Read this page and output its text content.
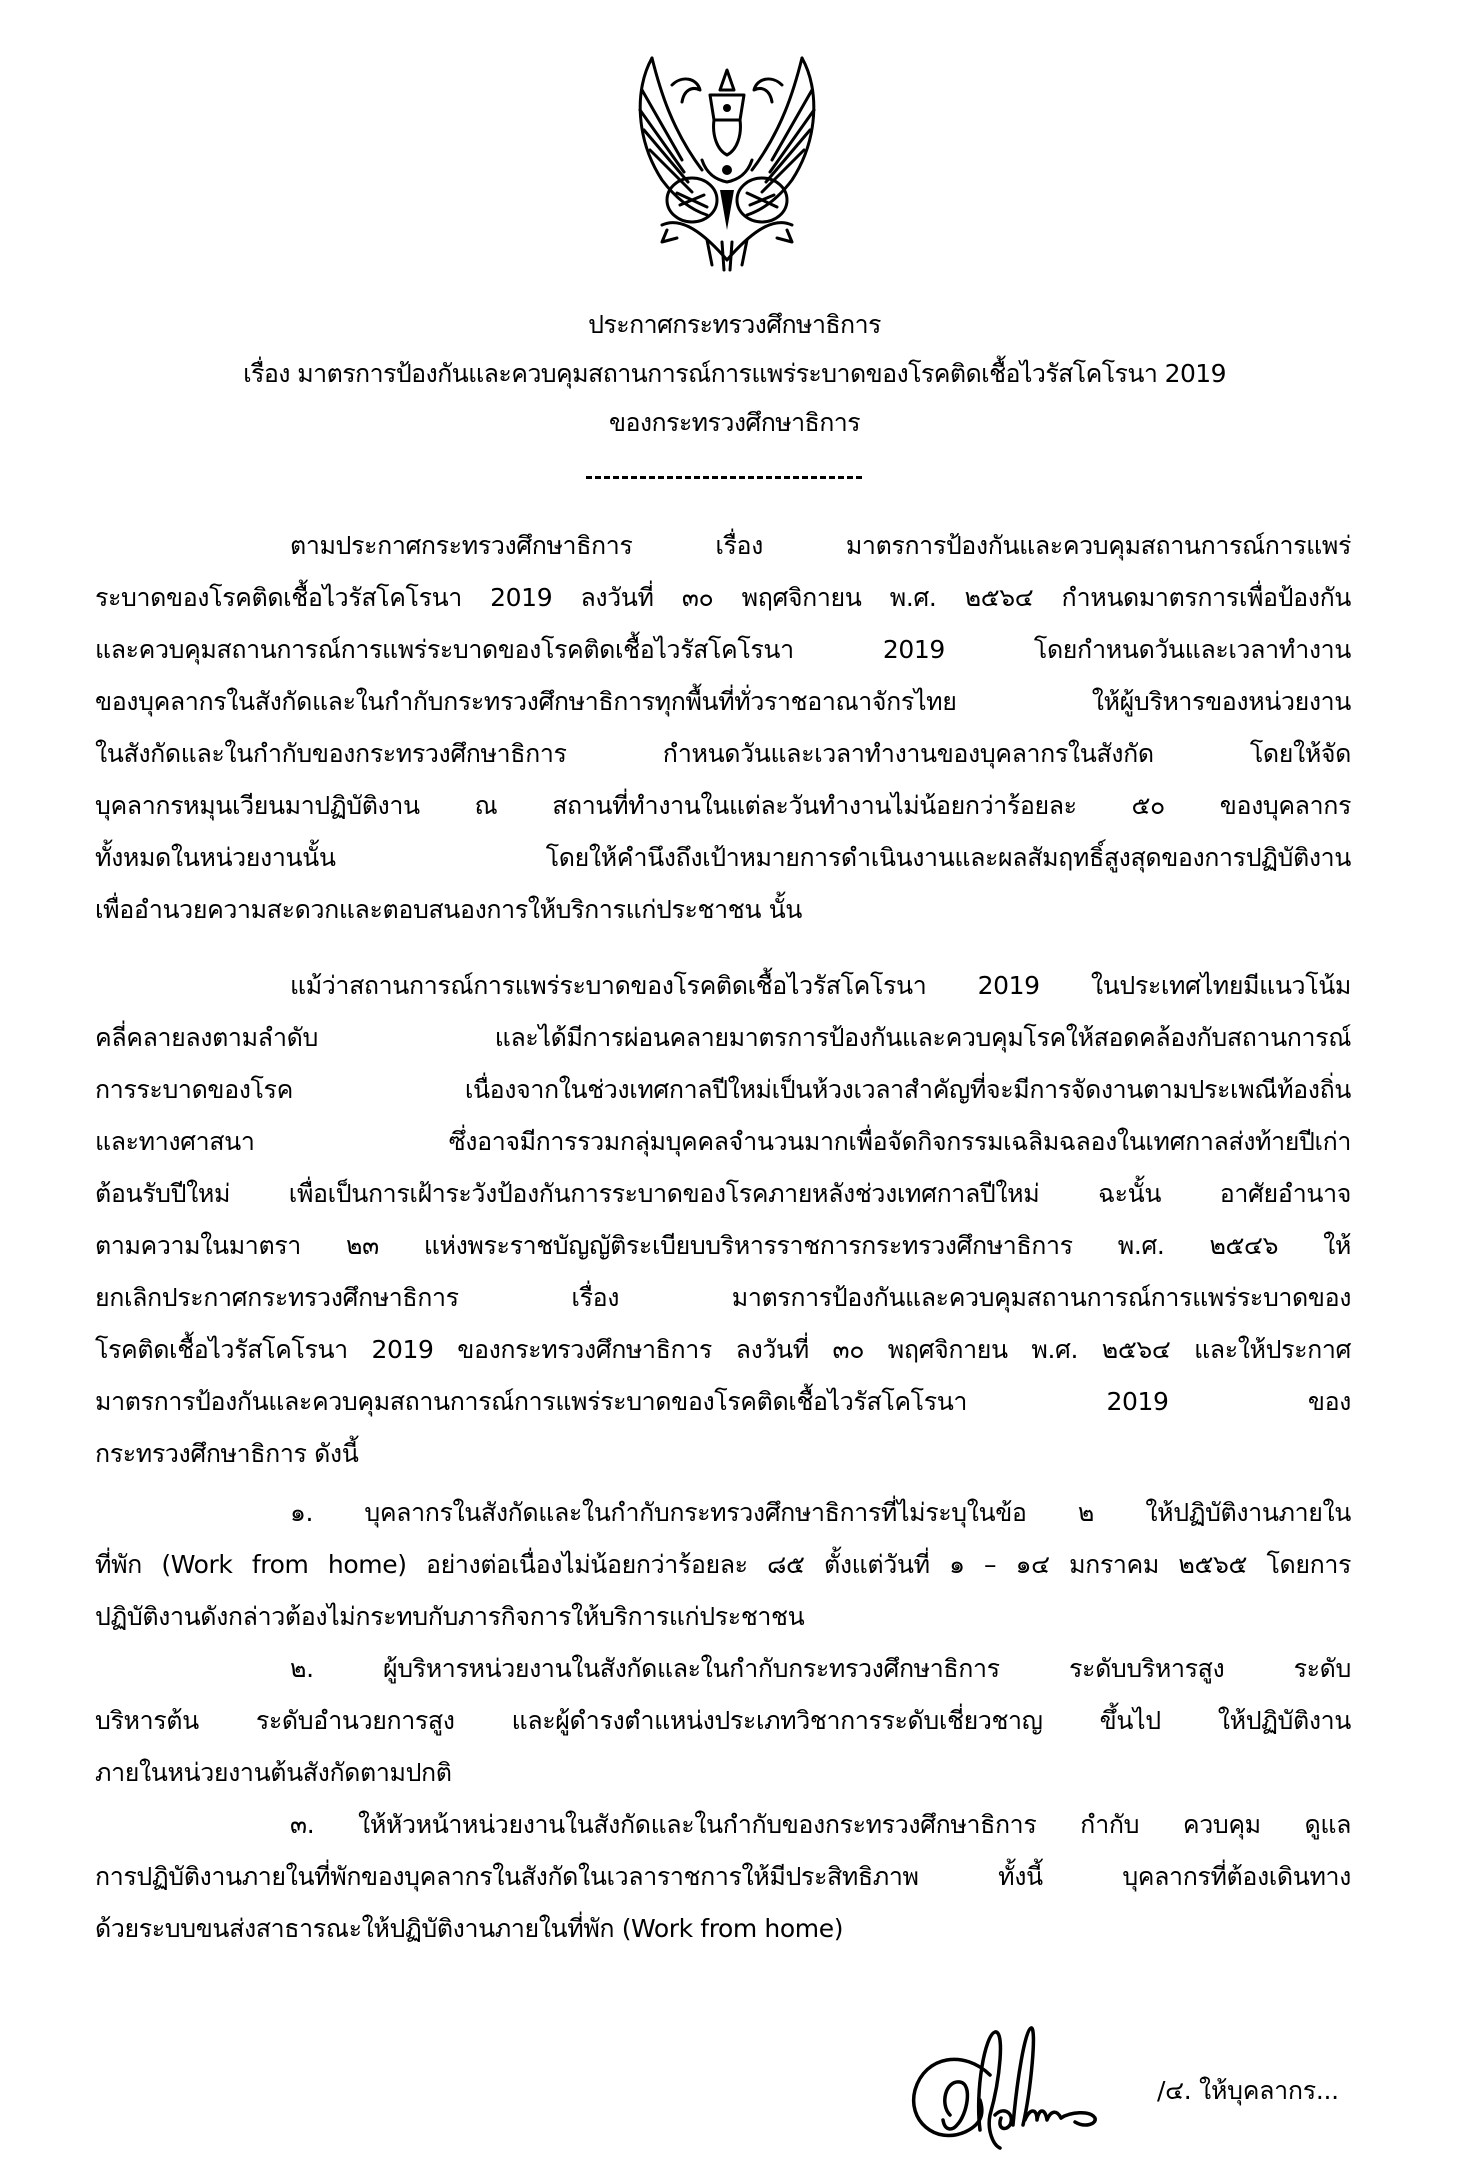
ประกาศกระทรวงศึกษาธิการ
เรื่อง มาตรการป้องกันและควบคุมสถานการณ์การแพร่ระบาดของโรคติดเชื้อไวรัสโคโรนา 2019
ของกระทรวงศึกษาธิการ
ตามประกาศกระทรวงศึกษาธิการ เรื่อง มาตรการป้องกันและควบคุมสถานการณ์การแพร่
ระบาดของโรคติดเชื้อไวรัสโคโรนา 2019 ลงวันที่ ๓๐ พฤศจิกายน พ.ศ. ๒๕๖๔ กำหนดมาตรการเพื่อป้องกัน
และควบคุมสถานการณ์การแพร่ระบาดของโรคติดเชื้อไวรัสโคโรนา 2019 โดยกำหนดวันและเวลาทำงาน
ของบุคลากรในสังกัดและในกำกับกระทรวงศึกษาธิการทุกพื้นที่ทั่วราชอาณาจักรไทย ให้ผู้บริหารของหน่วยงาน
ในสังกัดและในกำกับของกระทรวงศึกษาธิการ กำหนดวันและเวลาทำงานของบุคลากรในสังกัด โดยให้จัด
บุคลากรหมุนเวียนมาปฏิบัติงาน ณ สถานที่ทำงานในแต่ละวันทำงานไม่น้อยกว่าร้อยละ ๕๐ ของบุคลากร
ทั้งหมดในหน่วยงานนั้น โดยให้คำนึงถึงเป้าหมายการดำเนินงานและผลสัมฤทธิ์สูงสุดของการปฏิบัติงาน
เพื่ออำนวยความสะดวกและตอบสนองการให้บริการแก่ประชาชน นั้น
แม้ว่าสถานการณ์การแพร่ระบาดของโรคติดเชื้อไวรัสโคโรนา 2019 ในประเทศไทยมีแนวโน้ม
คลี่คลายลงตามลำดับ และได้มีการผ่อนคลายมาตรการป้องกันและควบคุมโรคให้สอดคล้องกับสถานการณ์
การระบาดของโรค เนื่องจากในช่วงเทศกาลปีใหม่เป็นห้วงเวลาสำคัญที่จะมีการจัดงานตามประเพณีท้องถิ่น
และทางศาสนา ซึ่งอาจมีการรวมกลุ่มบุคคลจำนวนมากเพื่อจัดกิจกรรมเฉลิมฉลองในเทศกาลส่งท้ายปีเก่า
ต้อนรับปีใหม่ เพื่อเป็นการเฝ้าระวังป้องกันการระบาดของโรคภายหลังช่วงเทศกาลปีใหม่ ฉะนั้น อาศัยอำนาจ
ตามความในมาตรา ๒๓ แห่งพระราชบัญญัติระเบียบบริหารราชการกระทรวงศึกษาธิการ พ.ศ. ๒๕๔๖ ให้
ยกเลิกประกาศกระทรวงศึกษาธิการ เรื่อง มาตรการป้องกันและควบคุมสถานการณ์การแพร่ระบาดของ
โรคติดเชื้อไวรัสโคโรนา 2019 ของกระทรวงศึกษาธิการ ลงวันที่ ๓๐ พฤศจิกายน พ.ศ. ๒๕๖๔ และให้ประกาศ
มาตรการป้องกันและควบคุมสถานการณ์การแพร่ระบาดของโรคติดเชื้อไวรัสโคโรนา 2019 ของ
กระทรวงศึกษาธิการ ดังนี้
๑. บุคลากรในสังกัดและในกำกับกระทรวงศึกษาธิการที่ไม่ระบุในข้อ ๒ ให้ปฏิบัติงานภายใน
ที่พัก (Work from home) อย่างต่อเนื่องไม่น้อยกว่าร้อยละ ๘๕ ตั้งแต่วันที่ ๑ – ๑๔ มกราคม ๒๕๖๕ โดยการ
ปฏิบัติงานดังกล่าวต้องไม่กระทบกับภารกิจการให้บริการแก่ประชาชน
๒. ผู้บริหารหน่วยงานในสังกัดและในกำกับกระทรวงศึกษาธิการ ระดับบริหารสูง ระดับ
บริหารต้น ระดับอำนวยการสูง และผู้ดำรงตำแหน่งประเภทวิชาการระดับเชี่ยวชาญ ขึ้นไป ให้ปฏิบัติงาน
ภายในหน่วยงานต้นสังกัดตามปกติ
๓. ให้หัวหน้าหน่วยงานในสังกัดและในกำกับของกระทรวงศึกษาธิการ กำกับ ควบคุม ดูแล
การปฏิบัติงานภายในที่พักของบุคลากรในสังกัดในเวลาราชการให้มีประสิทธิภาพ ทั้งนี้ บุคลากรที่ต้องเดินทาง
ด้วยระบบขนส่งสาธารณะให้ปฏิบัติงานภายในที่พัก (Work from home)
/๔. ให้บุคลากร...
